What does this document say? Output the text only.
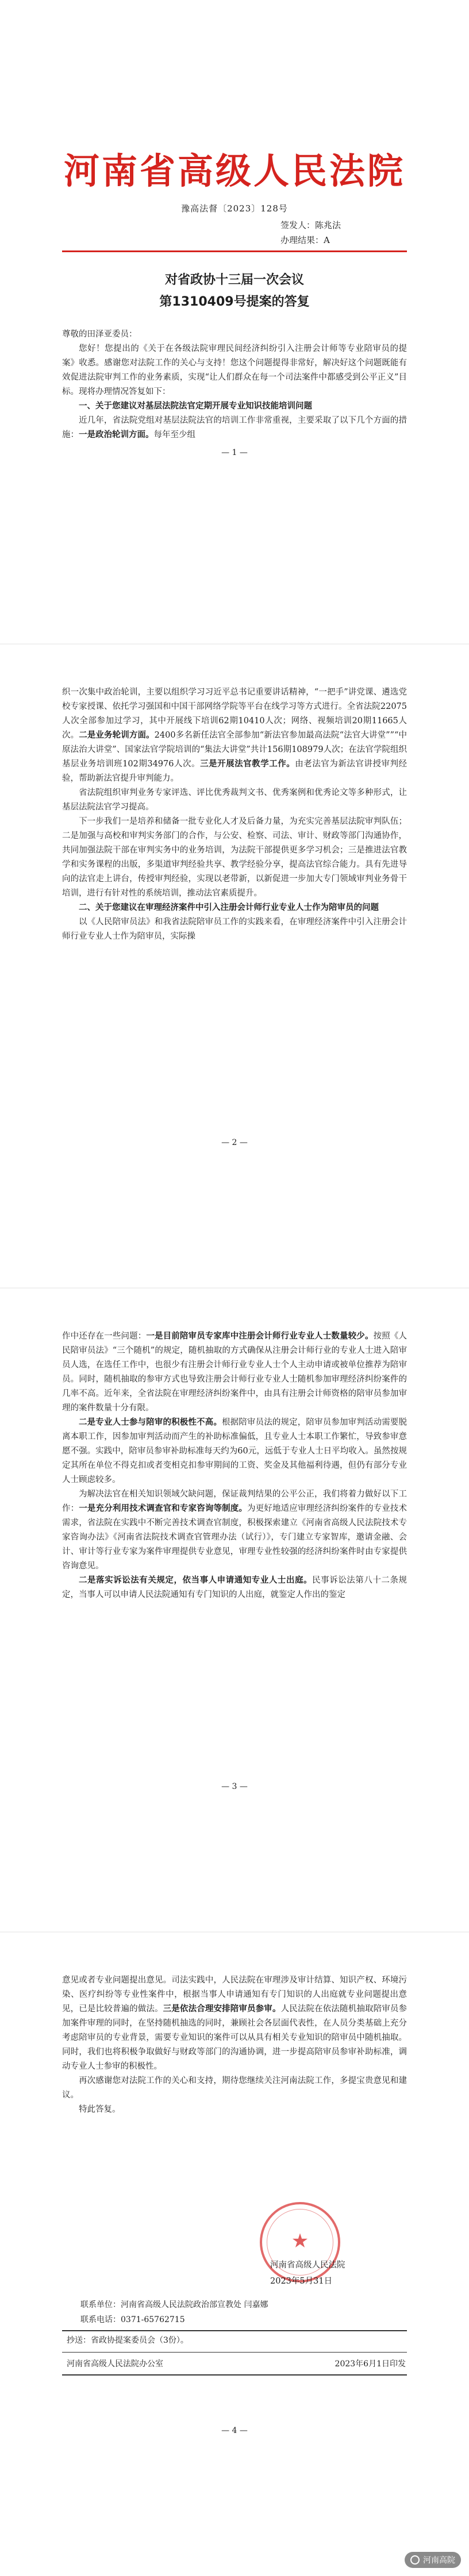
河南省高级人民法院
豫高法督〔2023〕128号
签发人：陈兆法
办理结果：A
对省政协十三届一次会议
第1310409号提案的答复

尊敬的田泽亚委员：

您好！您提出的《关于在各级法院审理民间经济纠纷引入注册会计师等专业陪审员的提案》收悉。感谢您对法院工作的关心与支持！您这个问题提得非常好，解决好这个问题既能有效促进法院审判工作的业务素质，实现“让人们群众在每一个司法案件中都感受到公平正义”目标。现将办理情况答复如下：

一、关于您建议对基层法院法官定期开展专业知识技能培训问题

近几年，省法院党组对基层法院法官的培训工作非常重视，主要采取了以下几个方面的措施：一是政治轮训方面。每年至少组

— 1 —

织一次集中政治轮训，主要以组织学习习近平总书记重要讲话精神，“一把手”讲党课、遴选党校专家授课、依托学习强国和中国干部网络学院等平台在线学习等方式进行。全省法院22075人次全部参加过学习，其中开展线下培训62期10410人次；网络、视频培训20期11665人次。二是业务轮训方面。2400多名新任法官全部参加“新法官参加最高法院“法官大讲堂””“中原法治大讲堂”、国家法官学院培训的“集法大讲堂”共计156期108979人次；在法官学院组织基层业务培训班102期34976人次。三是开展法官教学工作。由老法官为新法官讲授审判经验，帮助新法官提升审判能力。

省法院组织审判业务专家评选、评比优秀裁判文书、优秀案例和优秀论文等多种形式，让基层法院法官学习提高。

下一步我们一是培养和储备一批专业化人才及后备力量，为充实完善基层法院审判队伍；二是加强与高校和审判实务部门的合作，与公安、检察、司法、审计、财政等部门沟通协作，共同加强法院干部在审判实务中的业务培训，为法院干部提供更多学习机会；三是推进法官教学和实务课程的出版，多渠道审判经验共享、教学经验分享，提高法官综合能力。具有先进导向的法官走上讲台，传授审判经验，实现以老带新，以新促进一步加大专门领域审判业务骨干培训，进行有针对性的系统培训，推动法官素质提升。

二、关于您建议在审理经济案件中引入注册会计师行业专业人士作为陪审员的问题

以《人民陪审员法》和我省法院陪审员工作的实践来看，在审理经济案件中引入注册会计师行业专业人士作为陪审员，实际操

— 2 —

作中还存在一些问题：一是目前陪审员专家库中注册会计师行业专业人士数量较少。按照《人民陪审员法》“三个随机”的规定，随机抽取的方式确保从注册会计师行业的专业人士进入陪审员人选，在选任工作中，也很少有注册会计师行业专业人士个人主动申请或被单位推荐为陪审员。同时，随机抽取的参审方式也导致注册会计师行业专业人士随机参加审理经济纠纷案件的几率不高。近年来，全省法院在审理经济纠纷案件中，由具有注册会计师资格的陪审员参加审理的案件数量十分有限。

二是专业人士参与陪审的积极性不高。根据陪审员法的规定，陪审员参加审判活动需要脱离本职工作，因参加审判活动而产生的补助标准偏低，且专业人士本职工作繁忙，导致参审意愿不强。实践中，陪审员参审补助标准每天约为60元，远低于专业人士日平均收入。虽然按规定其所在单位不得克扣或者变相克扣参审期间的工资、奖金及其他福利待遇，但仍有部分专业人士顾虑较多。

为解决法官在相关知识领域欠缺问题，保证裁判结果的公平公正，我们将着力做好以下工作：一是充分利用技术调查官和专家咨询等制度。为更好地适应审理经济纠纷案件的专业技术需求，省法院在实践中不断完善技术调查官制度，积极探索建立《河南省高级人民法院技术专家咨询办法》《河南省法院技术调查官管理办法（试行）》，专门建立专家智库，邀请金融、会计、审计等行业专家为案件审理提供专业意见，审理专业性较强的经济纠纷案件时由专家提供咨询意见。

二是落实诉讼法有关规定，依当事人申请通知专业人士出庭。民事诉讼法第八十二条规定，当事人可以申请人民法院通知有专门知识的人出庭，就鉴定人作出的鉴定

— 3 —

意见或者专业问题提出意见。司法实践中，人民法院在审理涉及审计结算、知识产权、环境污染、医疗纠纷等专业性案件中，根据当事人申请通知有专门知识的人出庭就专业问题提出意见，已是比较普遍的做法。三是依法合理安排陪审员参审。人民法院在依法随机抽取陪审员参加案件审理的同时，在坚持随机抽选的同时，兼顾社会各层面代表性，在人员分类基础上充分考虑陪审员的专业背景，需要专业知识的案件可以从具有相关专业知识的陪审员中随机抽取。同时，我们也将积极争取做好与财政等部门的沟通协调，进一步提高陪审员参审补助标准，调动专业人士参审的积极性。

再次感谢您对法院工作的关心和支持，期待您继续关注河南法院工作，多提宝贵意见和建议。

特此答复。

★
河南省高级人民法院
2023年5月31日
联系单位：河南省高级人民法院政治部宣教处 闫嘉娜
联系电话：0371-65762715
抄送：省政协提案委员会（3份）。
河南省高级人民法院办公室	2023年6月1日印发
— 4 —
河南高院
